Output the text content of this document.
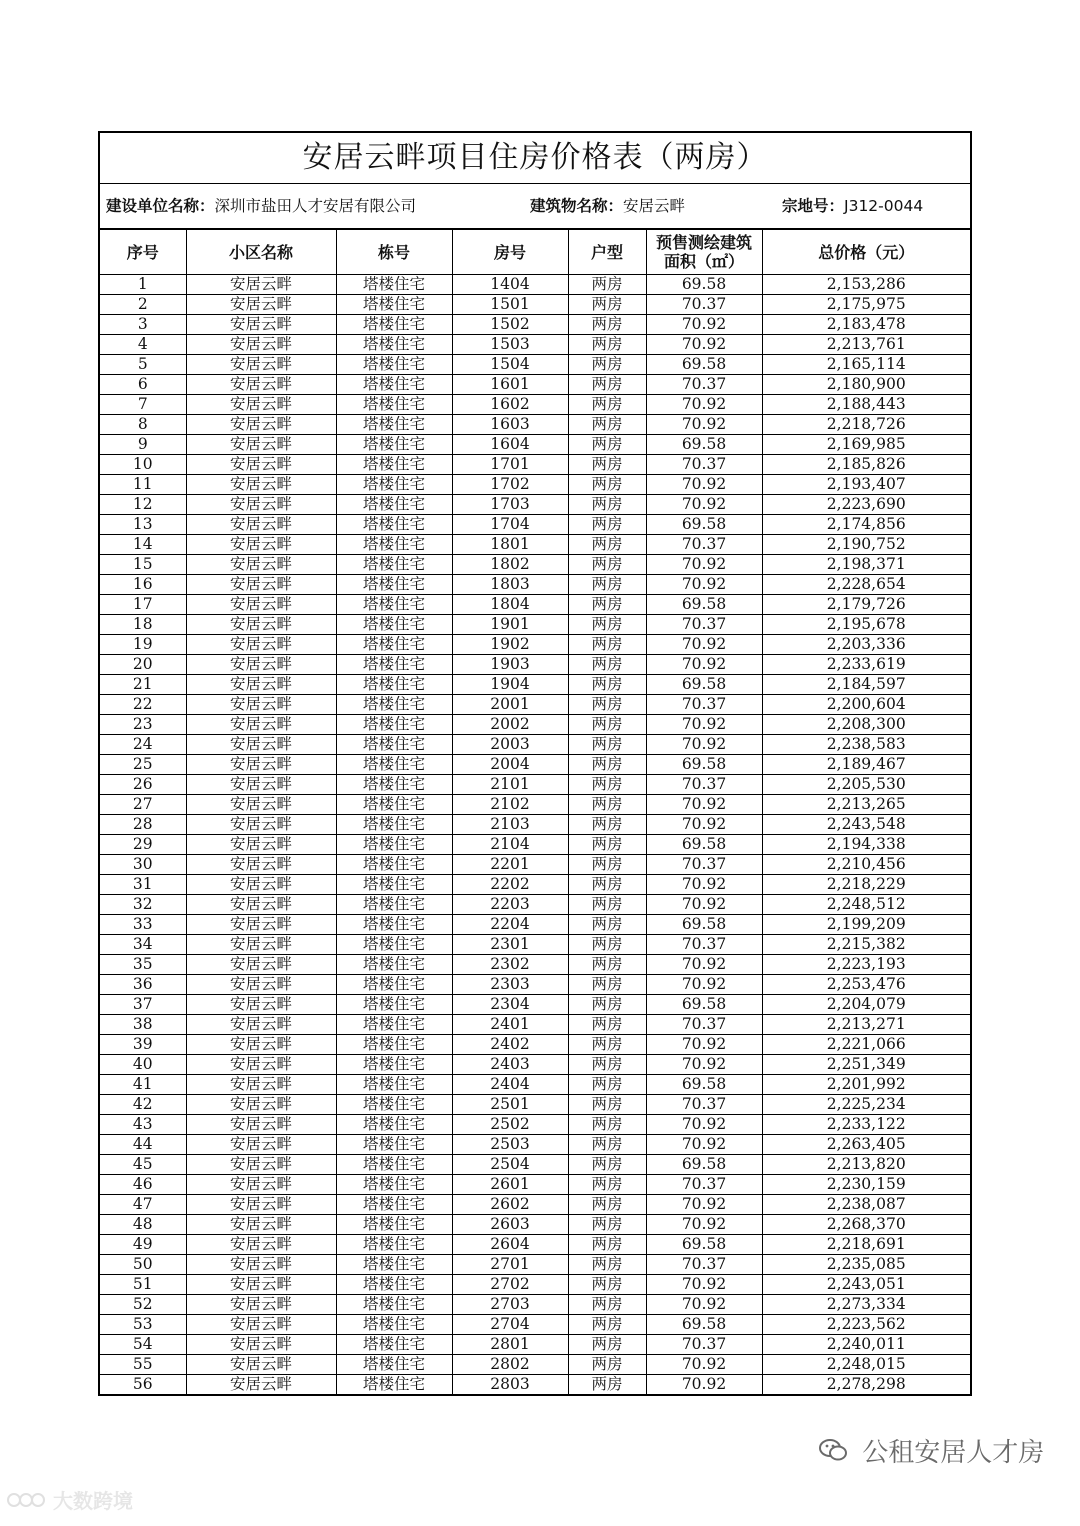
安居云畔项目住房价格表（两房）
建设单位名称：深圳市盐田人才安居有限公司	建筑物名称：安居云畔	宗地号：J312-0044
序号	小区名称	栋号	房号	户型	预售测绘建筑
面积（㎡）	总价格（元）
1	安居云畔	塔楼住宅	1404	两房	69.58	2,153,286
2	安居云畔	塔楼住宅	1501	两房	70.37	2,175,975
3	安居云畔	塔楼住宅	1502	两房	70.92	2,183,478
4	安居云畔	塔楼住宅	1503	两房	70.92	2,213,761
5	安居云畔	塔楼住宅	1504	两房	69.58	2,165,114
6	安居云畔	塔楼住宅	1601	两房	70.37	2,180,900
7	安居云畔	塔楼住宅	1602	两房	70.92	2,188,443
8	安居云畔	塔楼住宅	1603	两房	70.92	2,218,726
9	安居云畔	塔楼住宅	1604	两房	69.58	2,169,985
10	安居云畔	塔楼住宅	1701	两房	70.37	2,185,826
11	安居云畔	塔楼住宅	1702	两房	70.92	2,193,407
12	安居云畔	塔楼住宅	1703	两房	70.92	2,223,690
13	安居云畔	塔楼住宅	1704	两房	69.58	2,174,856
14	安居云畔	塔楼住宅	1801	两房	70.37	2,190,752
15	安居云畔	塔楼住宅	1802	两房	70.92	2,198,371
16	安居云畔	塔楼住宅	1803	两房	70.92	2,228,654
17	安居云畔	塔楼住宅	1804	两房	69.58	2,179,726
18	安居云畔	塔楼住宅	1901	两房	70.37	2,195,678
19	安居云畔	塔楼住宅	1902	两房	70.92	2,203,336
20	安居云畔	塔楼住宅	1903	两房	70.92	2,233,619
21	安居云畔	塔楼住宅	1904	两房	69.58	2,184,597
22	安居云畔	塔楼住宅	2001	两房	70.37	2,200,604
23	安居云畔	塔楼住宅	2002	两房	70.92	2,208,300
24	安居云畔	塔楼住宅	2003	两房	70.92	2,238,583
25	安居云畔	塔楼住宅	2004	两房	69.58	2,189,467
26	安居云畔	塔楼住宅	2101	两房	70.37	2,205,530
27	安居云畔	塔楼住宅	2102	两房	70.92	2,213,265
28	安居云畔	塔楼住宅	2103	两房	70.92	2,243,548
29	安居云畔	塔楼住宅	2104	两房	69.58	2,194,338
30	安居云畔	塔楼住宅	2201	两房	70.37	2,210,456
31	安居云畔	塔楼住宅	2202	两房	70.92	2,218,229
32	安居云畔	塔楼住宅	2203	两房	70.92	2,248,512
33	安居云畔	塔楼住宅	2204	两房	69.58	2,199,209
34	安居云畔	塔楼住宅	2301	两房	70.37	2,215,382
35	安居云畔	塔楼住宅	2302	两房	70.92	2,223,193
36	安居云畔	塔楼住宅	2303	两房	70.92	2,253,476
37	安居云畔	塔楼住宅	2304	两房	69.58	2,204,079
38	安居云畔	塔楼住宅	2401	两房	70.37	2,213,271
39	安居云畔	塔楼住宅	2402	两房	70.92	2,221,066
40	安居云畔	塔楼住宅	2403	两房	70.92	2,251,349
41	安居云畔	塔楼住宅	2404	两房	69.58	2,201,992
42	安居云畔	塔楼住宅	2501	两房	70.37	2,225,234
43	安居云畔	塔楼住宅	2502	两房	70.92	2,233,122
44	安居云畔	塔楼住宅	2503	两房	70.92	2,263,405
45	安居云畔	塔楼住宅	2504	两房	69.58	2,213,820
46	安居云畔	塔楼住宅	2601	两房	70.37	2,230,159
47	安居云畔	塔楼住宅	2602	两房	70.92	2,238,087
48	安居云畔	塔楼住宅	2603	两房	70.92	2,268,370
49	安居云畔	塔楼住宅	2604	两房	69.58	2,218,691
50	安居云畔	塔楼住宅	2701	两房	70.37	2,235,085
51	安居云畔	塔楼住宅	2702	两房	70.92	2,243,051
52	安居云畔	塔楼住宅	2703	两房	70.92	2,273,334
53	安居云畔	塔楼住宅	2704	两房	69.58	2,223,562
54	安居云畔	塔楼住宅	2801	两房	70.37	2,240,011
55	安居云畔	塔楼住宅	2802	两房	70.92	2,248,015
56	安居云畔	塔楼住宅	2803	两房	70.92	2,278,298
大数跨境
公租安居人才房
